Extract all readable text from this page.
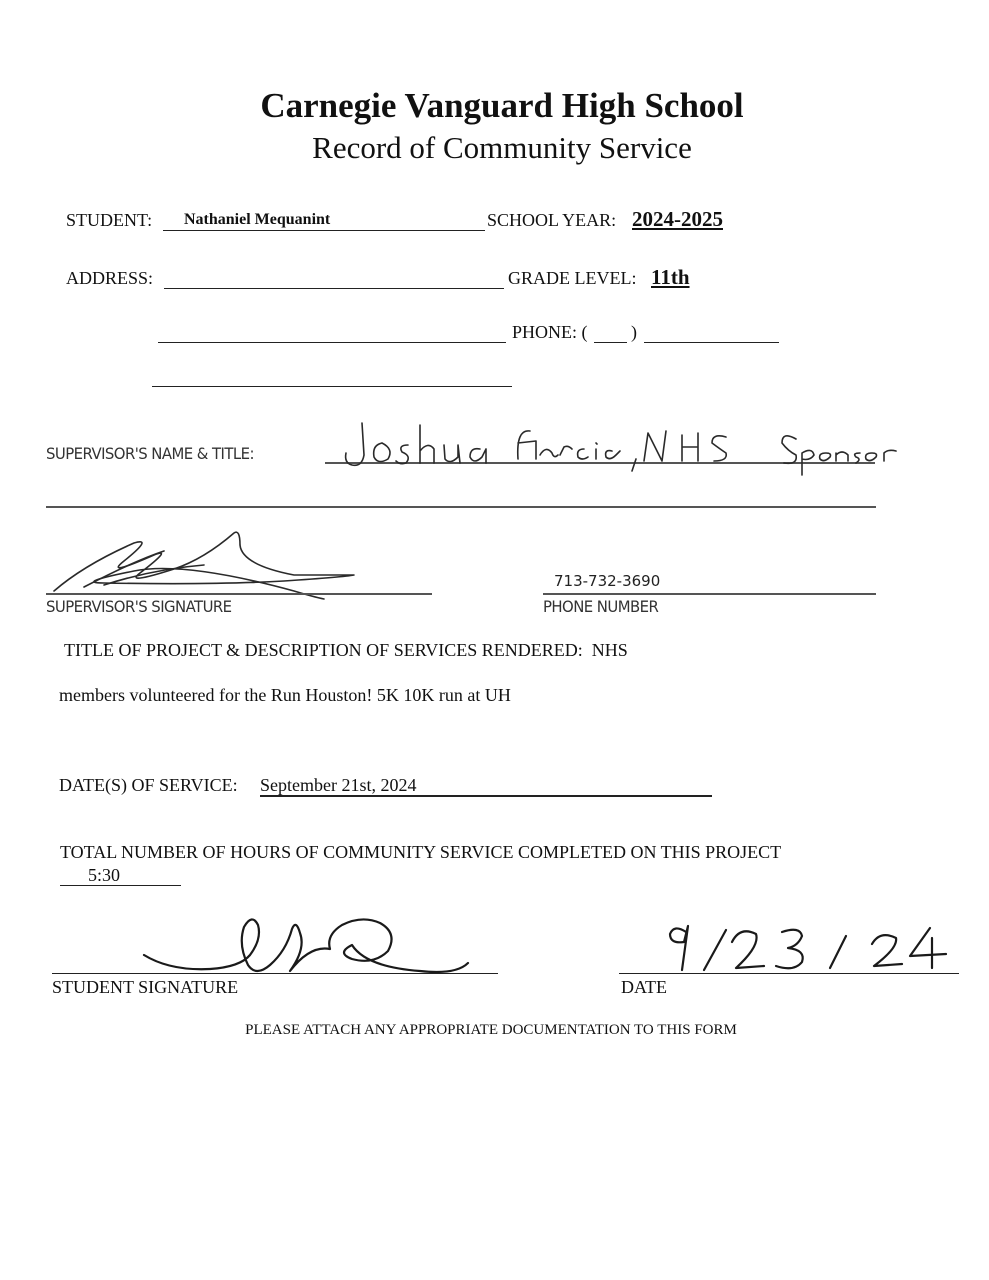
Carnegie Vanguard High School
Record of Community Service
STUDENT: Nathaniel Mequanint	SCHOOL YEAR: 2024-2025
ADDRESS:	GRADE LEVEL: 11th
PHONE: ( )
SUPERVISOR'S NAME & TITLE:
SUPERVISOR'S SIGNATURE
713-732-3690
PHONE NUMBER
TITLE OF PROJECT & DESCRIPTION OF SERVICES RENDERED: NHS
members volunteered for the Run Houston! 5K 10K run at UH
DATE(S) OF SERVICE: September 21st, 2024
TOTAL NUMBER OF HOURS OF COMMUNITY SERVICE COMPLETED ON THIS PROJECT
5:30
STUDENT SIGNATURE	DATE
PLEASE ATTACH ANY APPROPRIATE DOCUMENTATION TO THIS FORM
